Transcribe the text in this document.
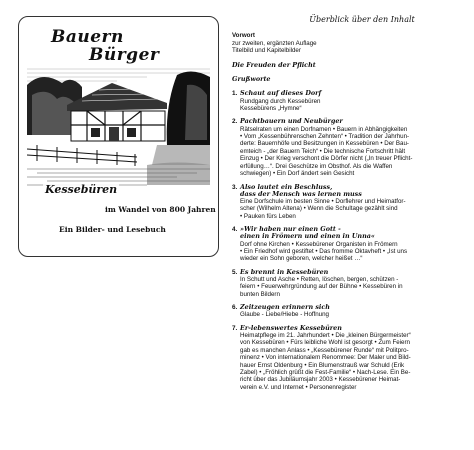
Bauern
Bürger
Kessebüren
im Wandel von 800 Jahren
Ein Bilder- und Lesebuch
Überblick über den Inhalt
Vorwort
zur zweiten, ergänzten Auflage
Titelbild und Kapitelbilder
Die Freuden der Pflicht
Grußworte
1. Schaut auf dieses Dorf
Rundgang durch Kessebüren
Kessebürens „Hymne“
2. Pachtbauern und Neubürger
Rätselraten um einen Dorfnamen • Bauern in Abhängigkeiten
• Vom „Kessenbührenschen Zehnten“ • Tradition der Jahrhun-
derte: Bauernhöfe und Besitzungen in Kessebüren • Der Bau-
emteich - „der Bauern Teich“ • Die technische Fortschritt hält
Einzug • Der Krieg verschont die Dörfer nicht („In treuer Pflicht-
erfüllung…“. Drei Geschütze im Obsthof. Als die Waffen
schwiegen) • Ein Dorf ändert sein Gesicht
3. Also lautet ein Beschluss,
dass der Mensch was lernen muss
Eine Dorfschule im besten Sinne • Dorflehrer und Heimatfor-
scher (Wilhelm Altena) • Wenn die Schultage gezählt sind
• Pauken fürs Leben
4. »Wir haben nur einen Gott -
einen in Frömern und einen in Unna«
Dorf ohne Kirchen • Kessebürener Organisten in Frömern
• Ein Friedhof wird gestiftet • Das fromme Oktavheft • „Ist uns
wieder ein Sohn geboren, welcher heißet …“
5. Es brennt in Kessebüren
In Schutt und Asche • Retten, löschen, bergen, schützen -
feiern • Feuerwehrgründung auf der Bühne • Kessebüren in
bunten Bildern
6. Zeitzeugen erinnern sich
Glaube - Liebe/Hiebe - Hoffnung
7. Er-lebenswertes Kessebüren
Heimatpflege im 21. Jahrhundert • Die „kleinen Bürgermeister“
von Kessebüren • Fürs leibliche Wohl ist gesorgt • Zum Feiern
gab es manchen Anlass • „Kessebürener Runde“ mit Politpro-
minenz • Von internationalem Renommee: Der Maler und Bild-
hauer Ernst Oldenburg • Ein Blumenstrauß war Schuld (Erik
Zabel) • „Fröhlich grüßt die Fest-Familie“ • Nach-Lese. Ein Be-
richt über das Jubiläumsjahr 2003 • Kessebürener Heimat-
verein e.V. und Internet • Personenregister
